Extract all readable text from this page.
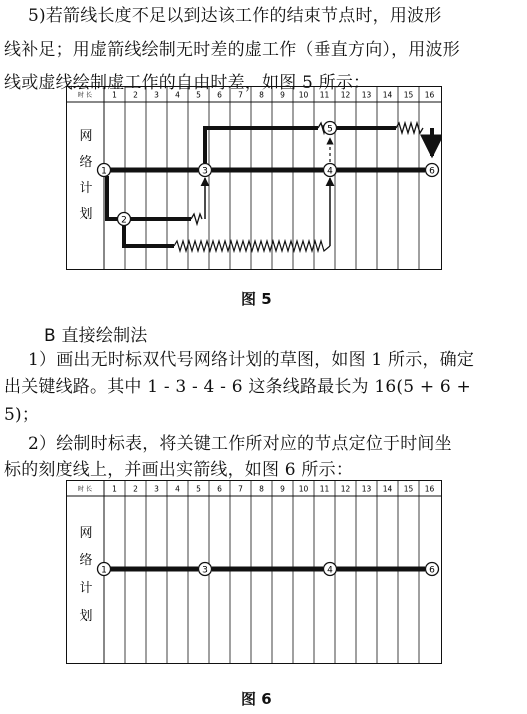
5)若箭线长度不足以到达该工作的结束节点时，用波形
线补足；用虚箭线绘制无时差的虚工作（垂直方向），用波形
线或虚线绘制虚工作的自由时差，如图 5 所示：
1 2 3 4 5 6 7 8 9 10 11 12 13 14 15 16
时 长
网
络
计
划
1
2
3	4
5
6
图 5
B 直接绘制法
1）画出无时标双代号网络计划的草图，如图 1 所示，确定
出关键线路。其中 1 - 3 - 4 - 6 这条线路最长为 16(5 + 6 +
5)；
2）绘制时标表，将关键工作所对应的节点定位于时间坐
标的刻度线上，并画出实箭线，如图 6 所示：
1 2 3 4 5 6 7 8 9 10 11 12 13 14 15 16
时 长
网
络
计
划
1	3	4	6
图 6
